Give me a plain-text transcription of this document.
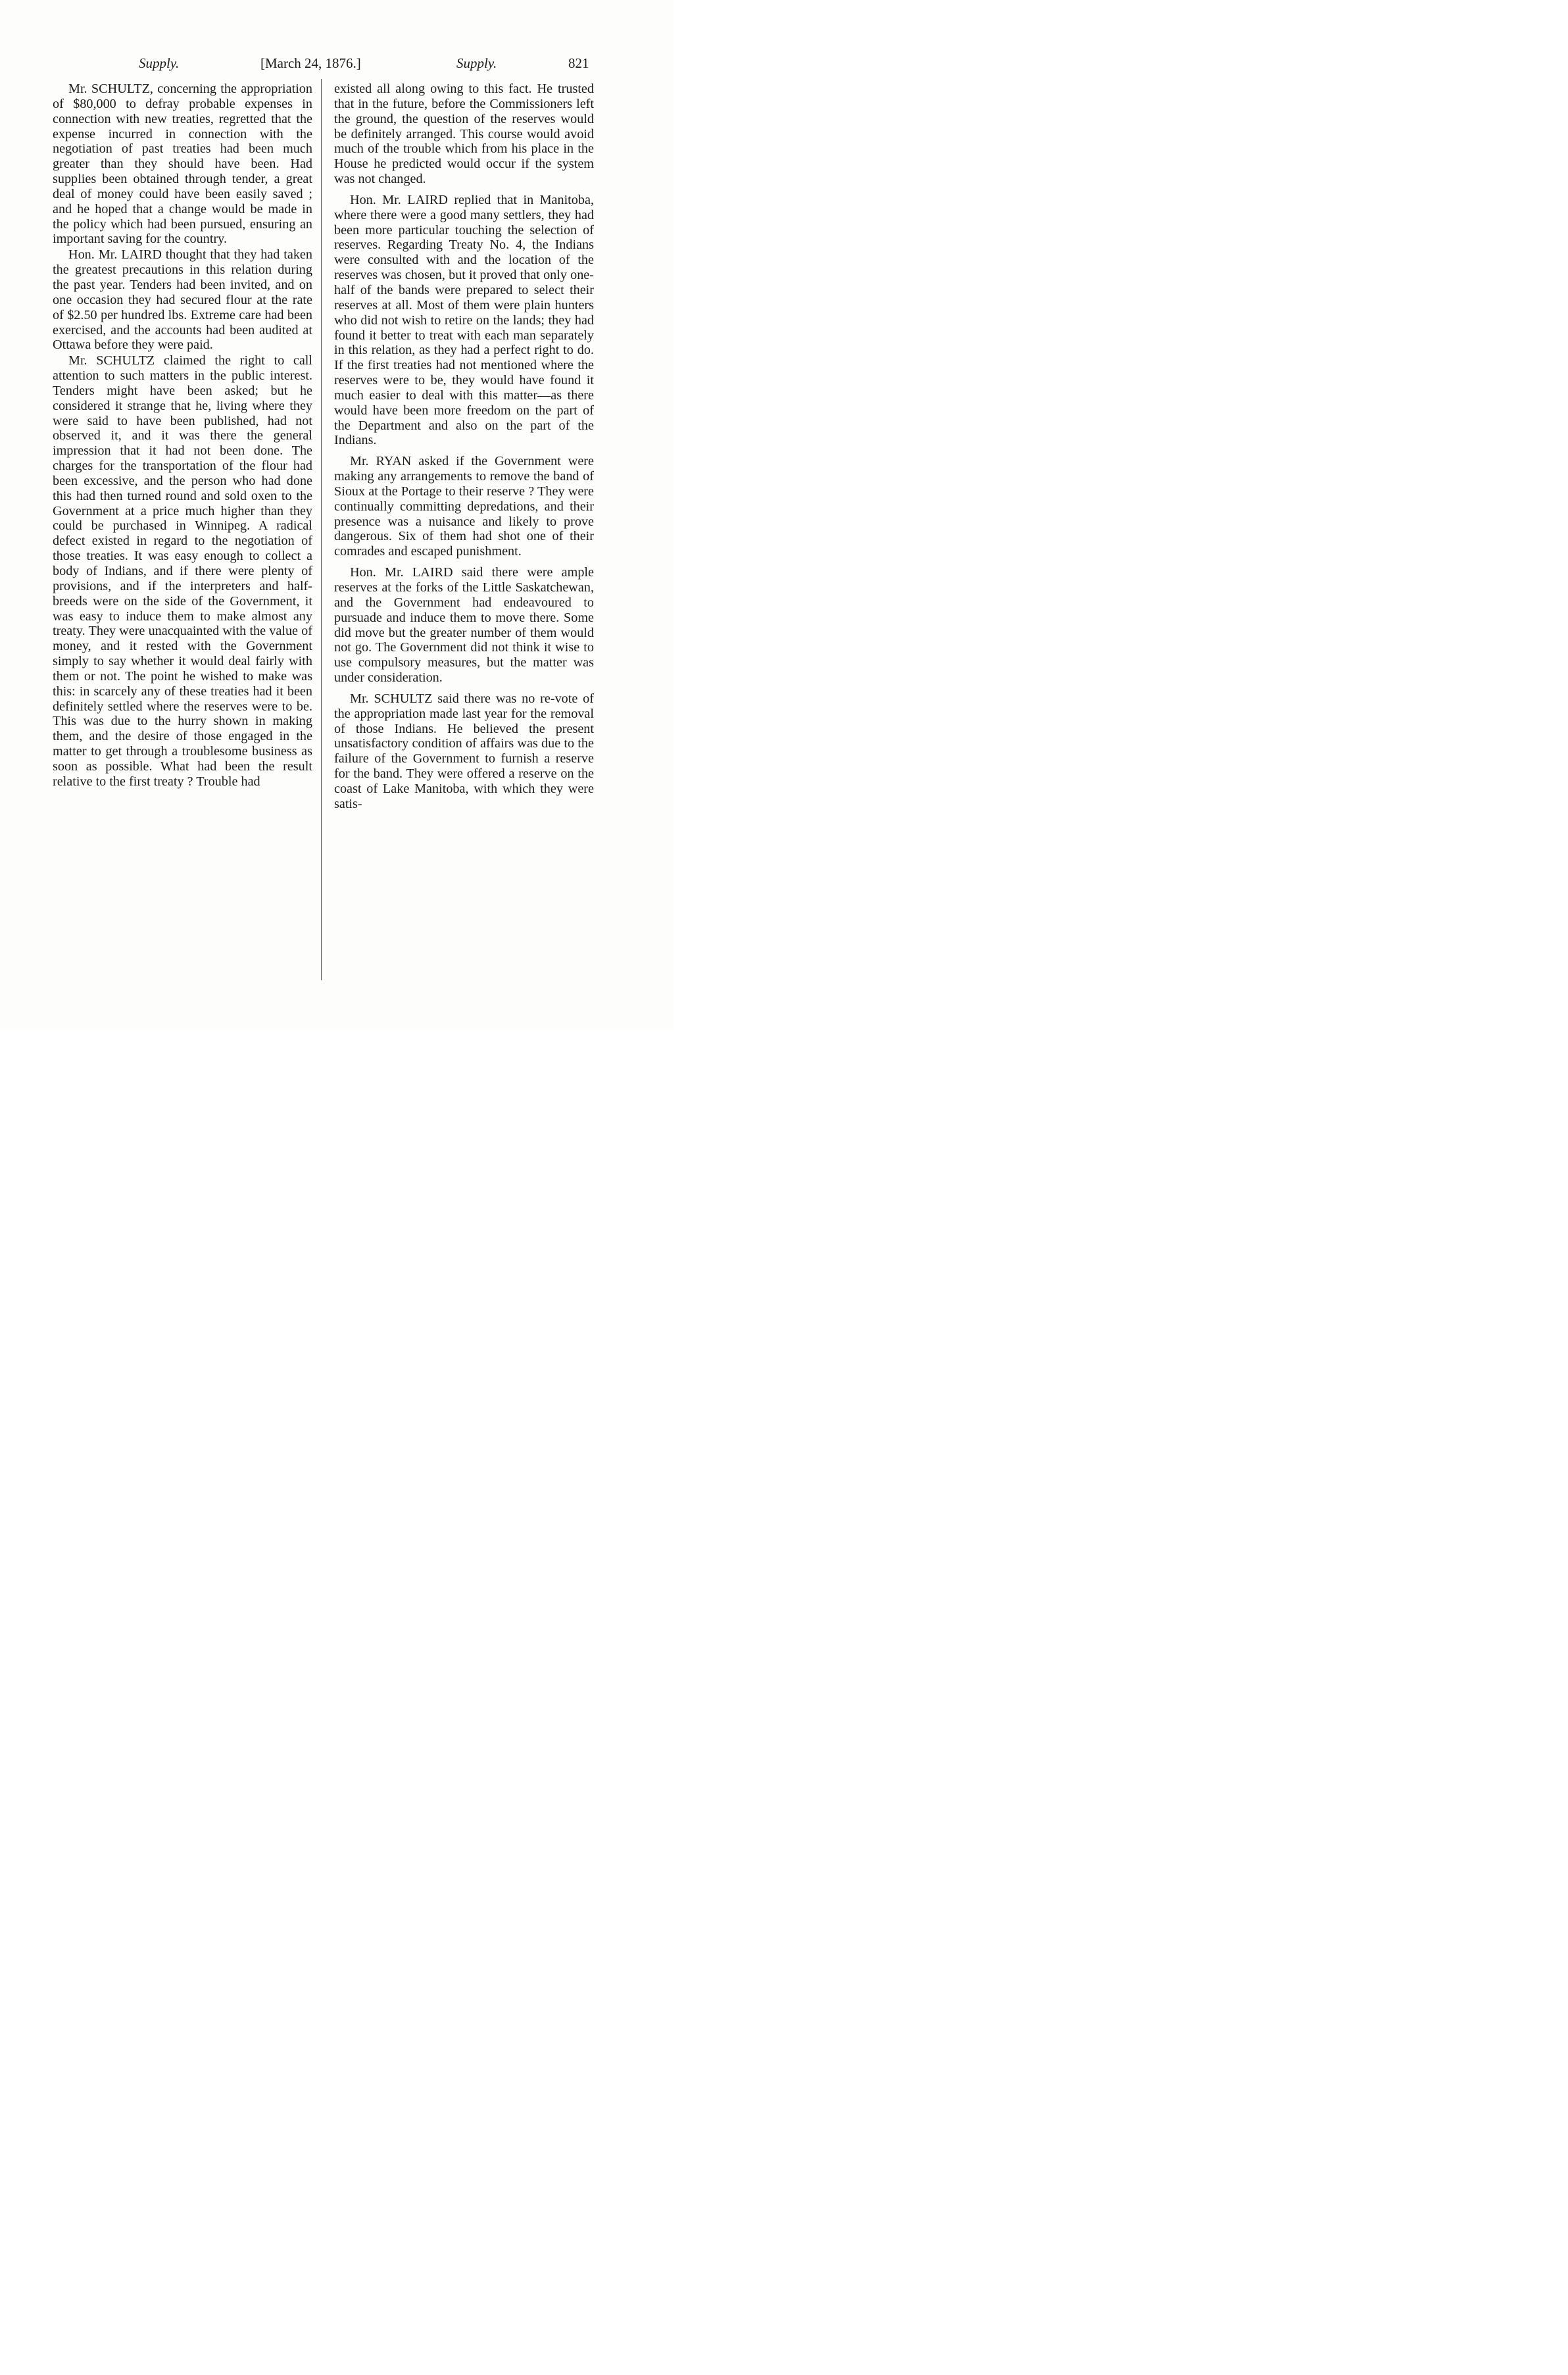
Supply.	[March 24, 1876.]	Supply.	821

Mr. SCHULTZ, concerning the appropriation of $80,000 to defray probable expenses in connection with new treaties, regretted that the expense incurred in connection with the negotiation of past treaties had been much greater than they should have been. Had supplies been obtained through tender, a great deal of money could have been easily saved ; and he hoped that a change would be made in the policy which had been pursued, ensuring an important saving for the country.

Hon. Mr. LAIRD thought that they had taken the greatest precautions in this relation during the past year. Tenders had been invited, and on one occasion they had secured flour at the rate of $2.50 per hundred lbs. Extreme care had been exercised, and the accounts had been audited at Ottawa before they were paid.

Mr. SCHULTZ claimed the right to call attention to such matters in the public interest. Tenders might have been asked; but he considered it strange that he, living where they were said to have been published, had not observed it, and it was there the general impression that it had not been done. The charges for the transportation of the flour had been excessive, and the person who had done this had then turned round and sold oxen to the Government at a price much higher than they could be purchased in Winnipeg. A radical defect existed in regard to the negotiation of those treaties. It was easy enough to collect a body of Indians, and if there were plenty of provisions, and if the interpreters and half-breeds were on the side of the Government, it was easy to induce them to make almost any treaty. They were unacquainted with the value of money, and it rested with the Government simply to say whether it would deal fairly with them or not. The point he wished to make was this: in scarcely any of these treaties had it been definitely settled where the reserves were to be. This was due to the hurry shown in making them, and the desire of those engaged in the matter to get through a troublesome business as soon as possible. What had been the result relative to the first treaty ? Trouble had

existed all along owing to this fact. He trusted that in the future, before the Commissioners left the ground, the question of the reserves would be definitely arranged. This course would avoid much of the trouble which from his place in the House he predicted would occur if the system was not changed.

Hon. Mr. LAIRD replied that in Manitoba, where there were a good many settlers, they had been more particular touching the selection of reserves. Regarding Treaty No. 4, the Indians were consulted with and the location of the reserves was chosen, but it proved that only one-half of the bands were prepared to select their reserves at all. Most of them were plain hunters who did not wish to retire on the lands; they had found it better to treat with each man separately in this relation, as they had a perfect right to do. If the first treaties had not mentioned where the reserves were to be, they would have found it much easier to deal with this matter—as there would have been more freedom on the part of the Department and also on the part of the Indians.

Mr. RYAN asked if the Government were making any arrangements to remove the band of Sioux at the Portage to their reserve ? They were continually committing depredations, and their presence was a nuisance and likely to prove dangerous. Six of them had shot one of their comrades and escaped punishment.

Hon. Mr. LAIRD said there were ample reserves at the forks of the Little Saskatchewan, and the Government had endeavoured to pursuade and induce them to move there. Some did move but the greater number of them would not go. The Government did not think it wise to use compulsory measures, but the matter was under consideration.

Mr. SCHULTZ said there was no re-vote of the appropriation made last year for the removal of those Indians. He believed the present unsatisfactory condition of affairs was due to the failure of the Government to furnish a reserve for the band. They were offered a reserve on the coast of Lake Manitoba, with which they were satis-
